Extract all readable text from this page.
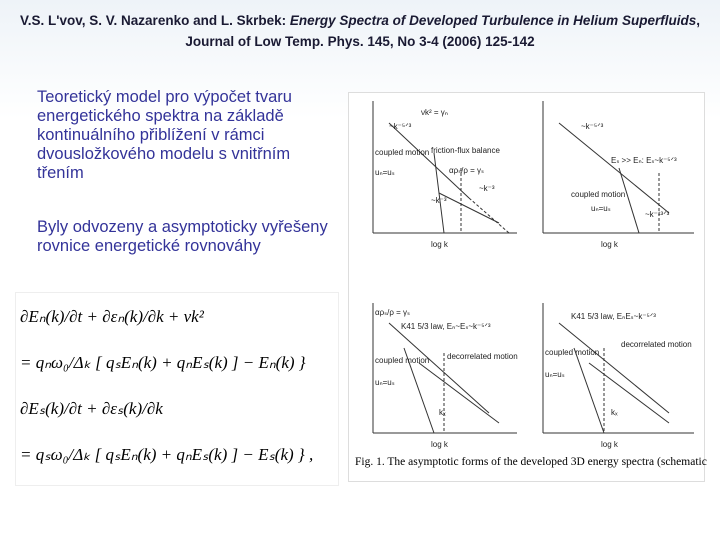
V.S. L'vov, S. V. Nazarenko and L. Skrbek: Energy Spectra of Developed Turbulence in Helium Superfluids, Journal of Low Temp. Phys. 145, No 3-4 (2006) 125-142
Teoretický model pro výpočet tvaru energetického spektra na základě kontinuálního přiblížení v rámci dvousložkového modelu s vnitřním třením
Byly odvozeny a asymptoticky vyřešeny rovnice energetické rovnováhy
∂Eₙ(k)/∂t + ∂εₙ(k)/∂k + νk²
= qₙω₀/Δₖ [ qₛEₙ(k) + qₙEₛ(k) ] − Eₙ(k) }
∂Eₛ(k)/∂t + ∂εₛ(k)/∂k
= qₛω₀/Δₖ [ qₛEₙ(k) + qₙEₛ(k) ] − Eₛ(k) } ,
~k⁻⁵ᐟ³
νk² = γₙ
coupled motion
uₙ=uₛ
friction-flux balance
αρₛ/ρ = γₛ
~k⁻³
~k⁻³
log k
~k⁻⁵ᐟ³
Eₛ >> Eₙ: Eₛ~k⁻⁵ᐟ³
coupled motion
uₙ=uₛ
~k⁻¹³ᐟ³
log k
αρₛ/ρ = γₛ
K41 5/3 law, Eₙ~Eₛ~k⁻⁵ᐟ³
coupled motion
uₙ=uₛ
decorrelated motion
kₓ
log k
K41 5/3 law, EₙEₛ~k⁻⁵ᐟ³
coupled motion
uₙ=uₛ
decorrelated motion
kₓ
log k
Fig. 1. The asymptotic forms of the developed 3D energy spectra (schematic
